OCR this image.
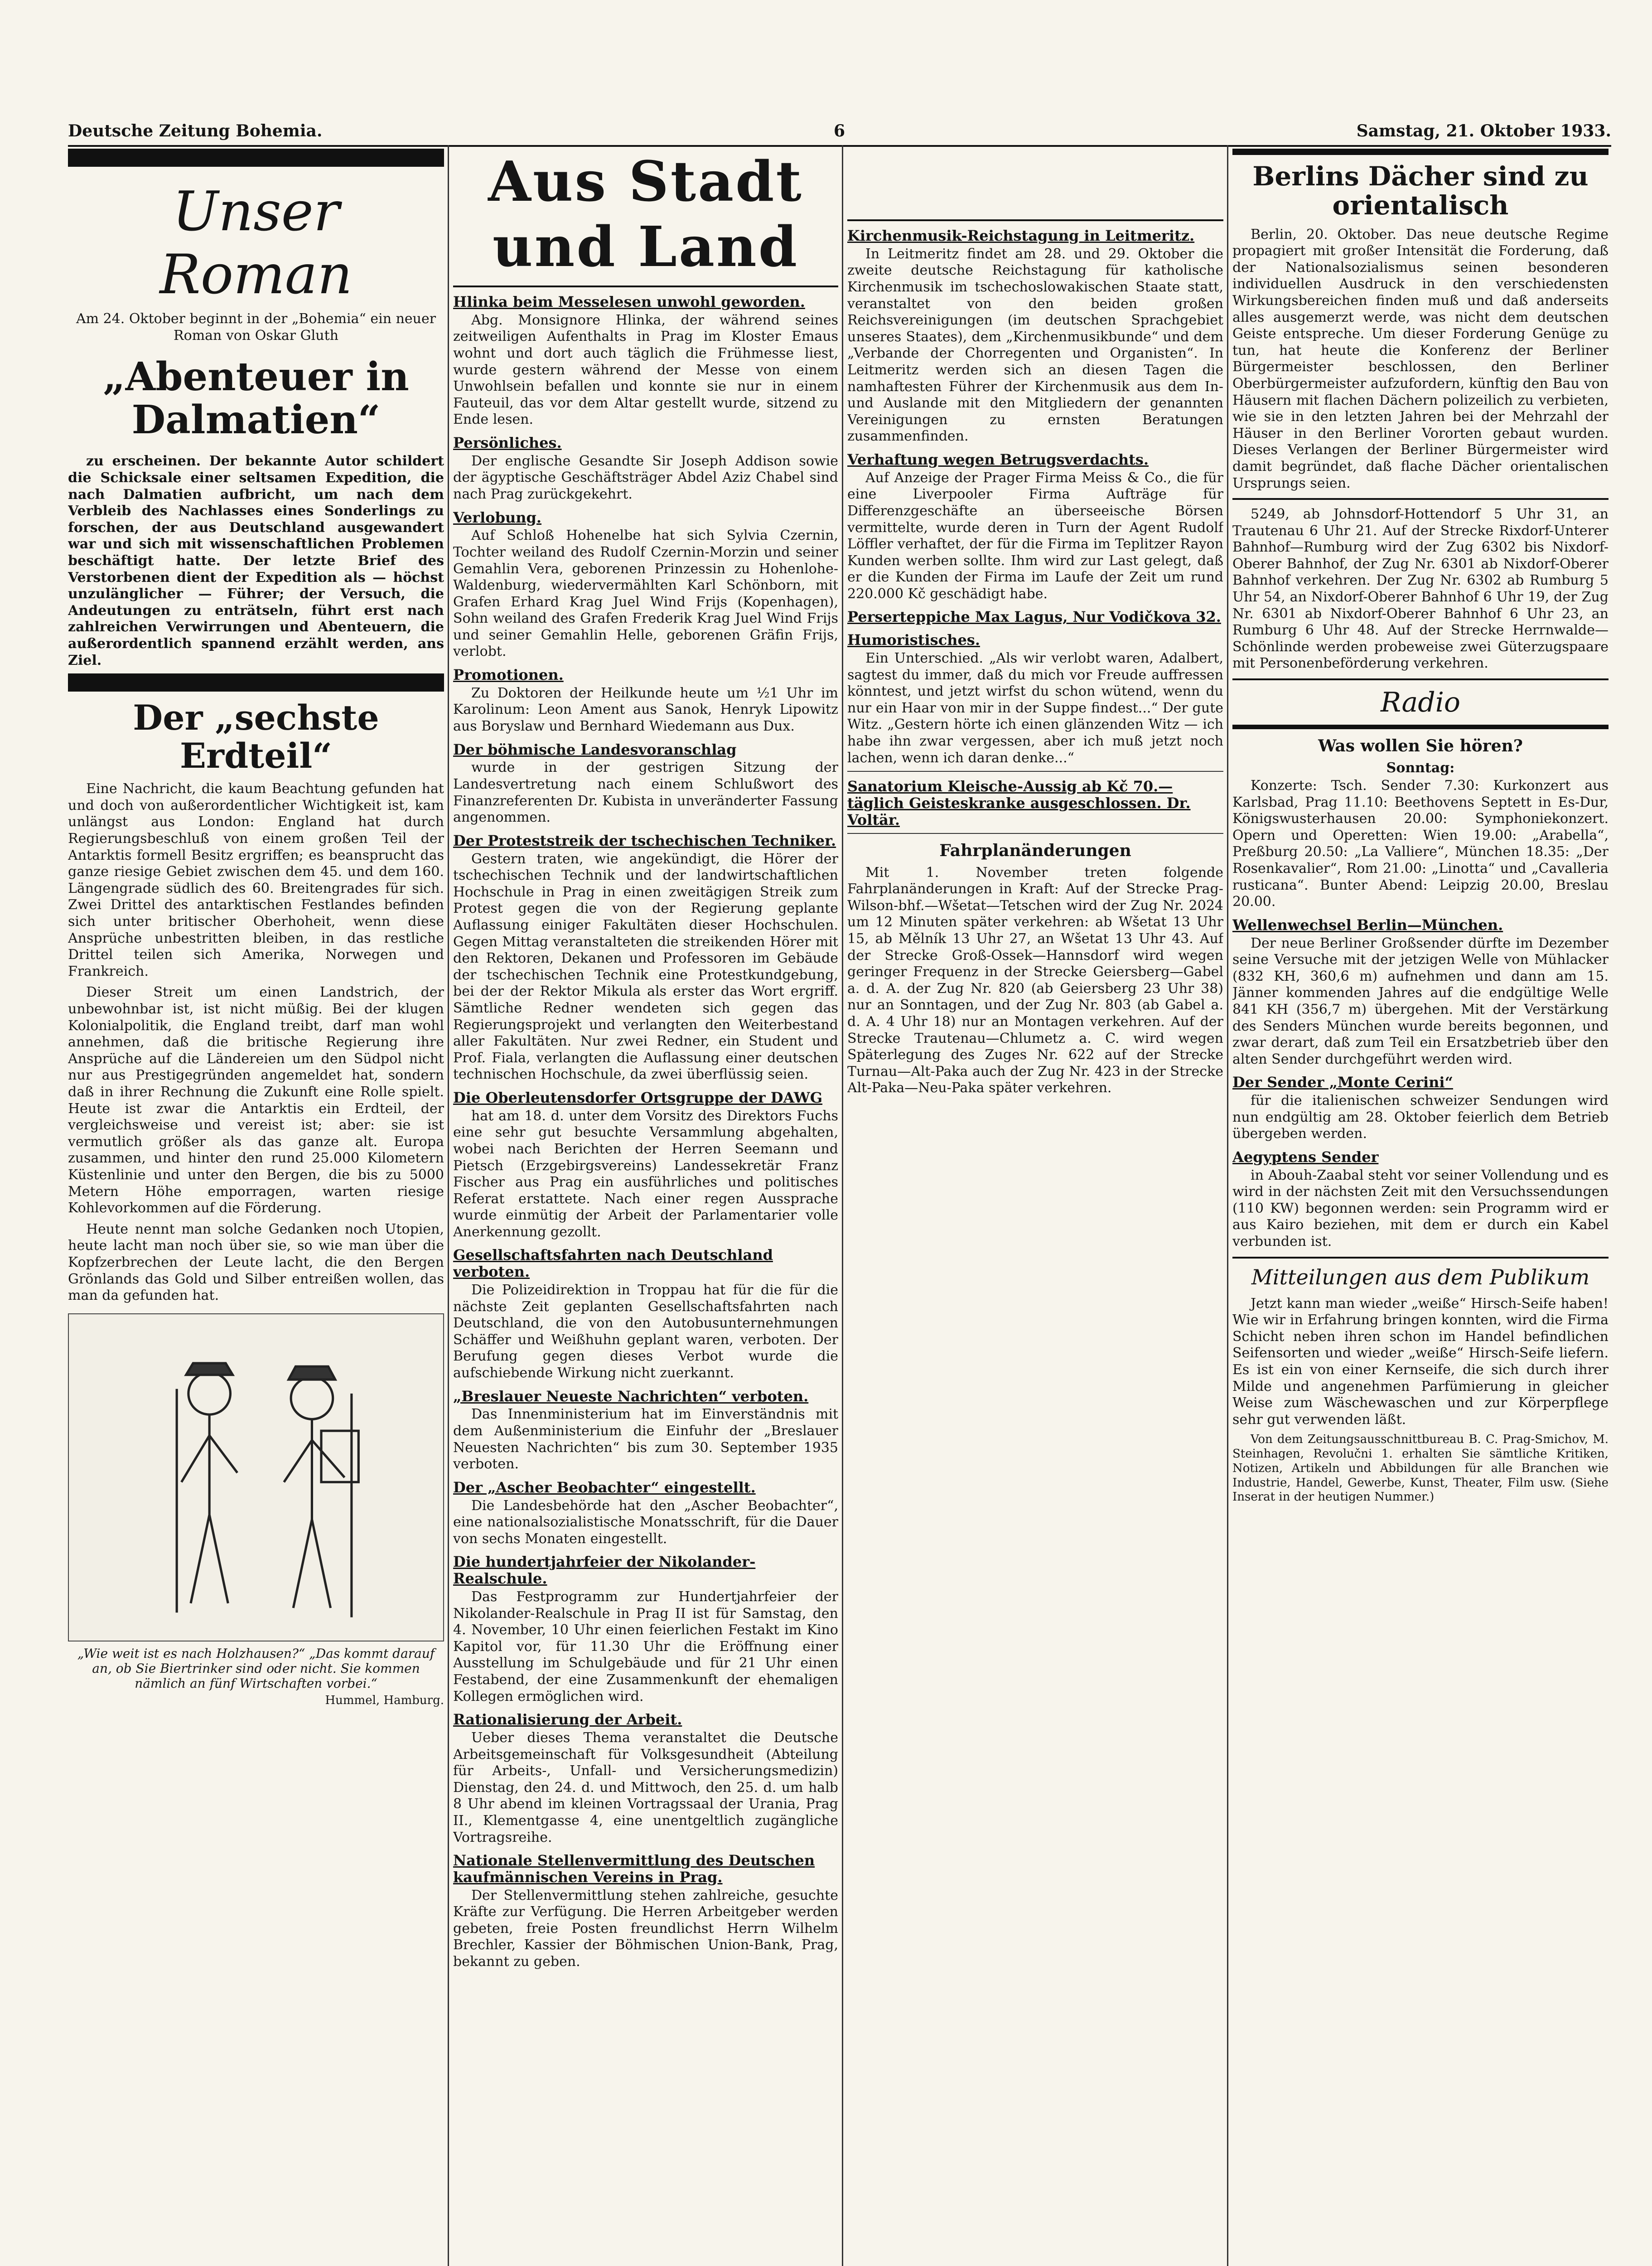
Deutsche Zeitung Bohemia.	6	Samstag, 21. Oktober 1933.
Unser Roman

Am 24. Oktober beginnt in der „Bohemia“ ein neuer Roman von Oskar Gluth

„Abenteuer in Dalmatien“

zu erscheinen. Der bekannte Autor schildert die Schicksale einer seltsamen Expedition, die nach Dalmatien aufbricht, um nach dem Verbleib des Nachlasses eines Sonderlings zu forschen, der aus Deutschland ausgewandert war und sich mit wissenschaftlichen Problemen beschäftigt hatte. Der letzte Brief des Verstorbenen dient der Expedition als — höchst unzulänglicher — Führer; der Versuch, die Andeutungen zu enträtseln, führt erst nach zahlreichen Verwirrungen und Abenteuern, die außerordentlich spannend erzählt werden, ans Ziel.

Der „sechste Erdteil“

Eine Nachricht, die kaum Beachtung gefunden hat und doch von außerordentlicher Wichtigkeit ist, kam unlängst aus London: England hat durch Regierungsbeschluß von einem großen Teil der Antarktis formell Besitz ergriffen; es beansprucht das ganze riesige Gebiet zwischen dem 45. und dem 160. Längengrade südlich des 60. Breitengrades für sich. Zwei Drittel des antarktischen Festlandes befinden sich unter britischer Oberhoheit, wenn diese Ansprüche unbestritten bleiben, in das restliche Drittel teilen sich Amerika, Norwegen und Frankreich.

Dieser Streit um einen Landstrich, der unbewohnbar ist, ist nicht müßig. Bei der klugen Kolonialpolitik, die England treibt, darf man wohl annehmen, daß die britische Regierung ihre Ansprüche auf die Ländereien um den Südpol nicht nur aus Prestigegründen angemeldet hat, sondern daß in ihrer Rechnung die Zukunft eine Rolle spielt. Heute ist zwar die Antarktis ein Erdteil, der vergleichsweise und vereist ist; aber: sie ist vermutlich größer als das ganze alt. Europa zusammen, und hinter den rund 25.000 Kilometern Küstenlinie und unter den Bergen, die bis zu 5000 Metern Höhe emporragen, warten riesige Kohlevorkommen auf die Förderung.

Heute nennt man solche Gedanken noch Utopien, heute lacht man noch über sie, so wie man über die Kopfzerbrechen der Leute lacht, die den Bergen Grönlands das Gold und Silber entreißen wollen, das man da gefunden hat.

„Wie weit ist es nach Holzhausen?“ „Das kommt darauf an, ob Sie Biertrinker sind oder nicht. Sie kommen nämlich an fünf Wirtschaften vorbei.“
Hummel, Hamburg.
Aus Stadt und Land
Hlinka beim Messelesen unwohl geworden.

Abg. Monsignore Hlinka, der während seines zeitweiligen Aufenthalts in Prag im Kloster Emaus wohnt und dort auch täglich die Frühmesse liest, wurde gestern während der Messe von einem Unwohlsein befallen und konnte sie nur in einem Fauteuil, das vor dem Altar gestellt wurde, sitzend zu Ende lesen.

Persönliches.

Der englische Gesandte Sir Joseph Addison sowie der ägyptische Geschäftsträger Abdel Aziz Chabel sind nach Prag zurückgekehrt.

Verlobung.

Auf Schloß Hohenelbe hat sich Sylvia Czernin, Tochter weiland des Rudolf Czernin-Morzin und seiner Gemahlin Vera, geborenen Prinzessin zu Hohenlohe-Waldenburg, wiedervermählten Karl Schönborn, mit Grafen Erhard Krag Juel Wind Frijs (Kopenhagen), Sohn weiland des Grafen Frederik Krag Juel Wind Frijs und seiner Gemahlin Helle, geborenen Gräfin Frijs, verlobt.

Promotionen.

Zu Doktoren der Heilkunde heute um ½1 Uhr im Karolinum: Leon Ament aus Sanok, Henryk Lipowitz aus Boryslaw und Bernhard Wiedemann aus Dux.

Der böhmische Landesvoranschlag

wurde in der gestrigen Sitzung der Landesvertretung nach einem Schlußwort des Finanzreferenten Dr. Kubista in unveränderter Fassung angenommen.

Der Proteststreik der tschechischen Techniker.

Gestern traten, wie angekündigt, die Hörer der tschechischen Technik und der landwirtschaftlichen Hochschule in Prag in einen zweitägigen Streik zum Protest gegen die von der Regierung geplante Auflassung einiger Fakultäten dieser Hochschulen. Gegen Mittag veranstalteten die streikenden Hörer mit den Rektoren, Dekanen und Professoren im Gebäude der tschechischen Technik eine Protestkundgebung, bei der der Rektor Mikula als erster das Wort ergriff. Sämtliche Redner wendeten sich gegen das Regierungsprojekt und verlangten den Weiterbestand aller Fakultäten. Nur zwei Redner, ein Student und Prof. Fiala, verlangten die Auflassung einer deutschen technischen Hochschule, da zwei überflüssig seien.

Die Oberleutensdorfer Ortsgruppe der DAWG

hat am 18. d. unter dem Vorsitz des Direktors Fuchs eine sehr gut besuchte Versammlung abgehalten, wobei nach Berichten der Herren Seemann und Pietsch (Erzgebirgsvereins) Landessekretär Franz Fischer aus Prag ein ausführliches und politisches Referat erstattete. Nach einer regen Aussprache wurde einmütig der Arbeit der Parlamentarier volle Anerkennung gezollt.

Gesellschaftsfahrten nach Deutschland verboten.

Die Polizeidirektion in Troppau hat für die für die nächste Zeit geplanten Gesellschaftsfahrten nach Deutschland, die von den Autobusunternehmungen Schäffer und Weißhuhn geplant waren, verboten. Der Berufung gegen dieses Verbot wurde die aufschiebende Wirkung nicht zuerkannt.

„Breslauer Neueste Nachrichten“ verboten.

Das Innenministerium hat im Einverständnis mit dem Außenministerium die Einfuhr der „Breslauer Neuesten Nachrichten“ bis zum 30. September 1935 verboten.

Der „Ascher Beobachter“ eingestellt.

Die Landesbehörde hat den „Ascher Beobachter“, eine nationalsozialistische Monatsschrift, für die Dauer von sechs Monaten eingestellt.

Die hundertjahrfeier der Nikolander-Realschule.

Das Festprogramm zur Hundertjahrfeier der Nikolander-Realschule in Prag II ist für Samstag, den 4. November, 10 Uhr einen feierlichen Festakt im Kino Kapitol vor, für 11.30 Uhr die Eröffnung einer Ausstellung im Schulgebäude und für 21 Uhr einen Festabend, der eine Zusammenkunft der ehemaligen Kollegen ermöglichen wird.

Rationalisierung der Arbeit.

Ueber dieses Thema veranstaltet die Deutsche Arbeitsgemeinschaft für Volksgesundheit (Abteilung für Arbeits-, Unfall- und Versicherungsmedizin) Dienstag, den 24. d. und Mittwoch, den 25. d. um halb 8 Uhr abend im kleinen Vortragssaal der Urania, Prag II., Klementgasse 4, eine unentgeltlich zugängliche Vortragsreihe.

Nationale Stellenvermittlung des Deutschen kaufmännischen Vereins in Prag.

Der Stellenvermittlung stehen zahlreiche, gesuchte Kräfte zur Verfügung. Die Herren Arbeitgeber werden gebeten, freie Posten freundlichst Herrn Wilhelm Brechler, Kassier der Böhmischen Union-Bank, Prag, bekannt zu geben.

Kirchenmusik-Reichstagung in Leitmeritz.

In Leitmeritz findet am 28. und 29. Oktober die zweite deutsche Reichstagung für katholische Kirchenmusik im tschechoslowakischen Staate statt, veranstaltet von den beiden großen Reichsvereinigungen (im deutschen Sprachgebiet unseres Staates), dem „Kirchenmusikbunde“ und dem „Verbande der Chorregenten und Organisten“. In Leitmeritz werden sich an diesen Tagen die namhaftesten Führer der Kirchenmusik aus dem In- und Auslande mit den Mitgliedern der genannten Vereinigungen zu ernsten Beratungen zusammenfinden.

Verhaftung wegen Betrugsverdachts.

Auf Anzeige der Prager Firma Meiss & Co., die für eine Liverpooler Firma Aufträge für Differenzgeschäfte an überseeische Börsen vermittelte, wurde deren in Turn der Agent Rudolf Löffler verhaftet, der für die Firma im Teplitzer Rayon Kunden werben sollte. Ihm wird zur Last gelegt, daß er die Kunden der Firma im Laufe der Zeit um rund 220.000 Kč geschädigt habe.

Perserteppiche Max Lagus, Nur Vodičkova 32.
Humoristisches.

Ein Unterschied. „Als wir verlobt waren, Adalbert, sagtest du immer, daß du mich vor Freude auffressen könntest, und jetzt wirfst du schon wütend, wenn du nur ein Haar von mir in der Suppe findest...“ Der gute Witz. „Gestern hörte ich einen glänzenden Witz — ich habe ihn zwar vergessen, aber ich muß jetzt noch lachen, wenn ich daran denke...“

Sanatorium Kleische-Aussig ab Kč 70.— täglich Geisteskranke ausgeschlossen. Dr. Voltär.
Fahrplanänderungen

Mit 1. November treten folgende Fahrplanänderungen in Kraft: Auf der Strecke Prag-Wilson-bhf.—Wšetat—Tetschen wird der Zug Nr. 2024 um 12 Minuten später verkehren: ab Wšetat 13 Uhr 15, ab Mělník 13 Uhr 27, an Wšetat 13 Uhr 43. Auf der Strecke Groß-Ossek—Hannsdorf wird wegen geringer Frequenz in der Strecke Geiersberg—Gabel a. d. A. der Zug Nr. 820 (ab Geiersberg 23 Uhr 38) nur an Sonntagen, und der Zug Nr. 803 (ab Gabel a. d. A. 4 Uhr 18) nur an Montagen verkehren. Auf der Strecke Trautenau—Chlumetz a. C. wird wegen Späterlegung des Zuges Nr. 622 auf der Strecke Turnau—Alt-Paka auch der Zug Nr. 423 in der Strecke Alt-Paka—Neu-Paka später verkehren.

Berlins Dächer sind zu orientalisch

Berlin, 20. Oktober. Das neue deutsche Regime propagiert mit großer Intensität die Forderung, daß der Nationalsozialismus seinen besonderen individuellen Ausdruck in den verschiedensten Wirkungsbereichen finden muß und daß anderseits alles ausgemerzt werde, was nicht dem deutschen Geiste entspreche. Um dieser Forderung Genüge zu tun, hat heute die Konferenz der Berliner Bürgermeister beschlossen, den Berliner Oberbürgermeister aufzufordern, künftig den Bau von Häusern mit flachen Dächern polizeilich zu verbieten, wie sie in den letzten Jahren bei der Mehrzahl der Häuser in den Berliner Vororten gebaut wurden. Dieses Verlangen der Berliner Bürgermeister wird damit begründet, daß flache Dächer orientalischen Ursprungs seien.

5249, ab Johnsdorf-Hottendorf 5 Uhr 31, an Trautenau 6 Uhr 21. Auf der Strecke Rixdorf-Unterer Bahnhof—Rumburg wird der Zug 6302 bis Nixdorf-Oberer Bahnhof, der Zug Nr. 6301 ab Nixdorf-Oberer Bahnhof verkehren. Der Zug Nr. 6302 ab Rumburg 5 Uhr 54, an Nixdorf-Oberer Bahnhof 6 Uhr 19, der Zug Nr. 6301 ab Nixdorf-Oberer Bahnhof 6 Uhr 23, an Rumburg 6 Uhr 48. Auf der Strecke Herrnwalde—Schönlinde werden probeweise zwei Güterzugspaare mit Personenbeförderung verkehren.

Radio
Was wollen Sie hören?
Sonntag:

Konzerte: Tsch. Sender 7.30: Kurkonzert aus Karlsbad, Prag 11.10: Beethovens Septett in Es-Dur, Königswusterhausen 20.00: Symphoniekonzert. Opern und Operetten: Wien 19.00: „Arabella“, Preßburg 20.50: „La Valliere“, München 18.35: „Der Rosenkavalier“, Rom 21.00: „Linotta“ und „Cavalleria rusticana“. Bunter Abend: Leipzig 20.00, Breslau 20.00.

Wellenwechsel Berlin—München.

Der neue Berliner Großsender dürfte im Dezember seine Versuche mit der jetzigen Welle von Mühlacker (832 KH, 360,6 m) aufnehmen und dann am 15. Jänner kommenden Jahres auf die endgültige Welle 841 KH (356,7 m) übergehen. Mit der Verstärkung des Senders München wurde bereits begonnen, und zwar derart, daß zum Teil ein Ersatzbetrieb über den alten Sender durchgeführt werden wird.

Der Sender „Monte Cerini“

für die italienischen schweizer Sendungen wird nun endgültig am 28. Oktober feierlich dem Betrieb übergeben werden.

Aegyptens Sender

in Abouh-Zaabal steht vor seiner Vollendung und es wird in der nächsten Zeit mit den Versuchssendungen (110 KW) begonnen werden: sein Programm wird er aus Kairo beziehen, mit dem er durch ein Kabel verbunden ist.

Mitteilungen aus dem Publikum

Jetzt kann man wieder „weiße“ Hirsch-Seife haben! Wie wir in Erfahrung bringen konnten, wird die Firma Schicht neben ihren schon im Handel befindlichen Seifensorten und wieder „weiße“ Hirsch-Seife liefern. Es ist ein von einer Kernseife, die sich durch ihrer Milde und angenehmen Parfümierung in gleicher Weise zum Wäschewaschen und zur Körperpflege sehr gut verwenden läßt.

Von dem Zeitungsausschnittbureau B. C. Prag-Smichov, M. Steinhagen, Revolučni 1. erhalten Sie sämtliche Kritiken, Notizen, Artikeln und Abbildungen für alle Branchen wie Industrie, Handel, Gewerbe, Kunst, Theater, Film usw. (Siehe Inserat in der heutigen Nummer.)
